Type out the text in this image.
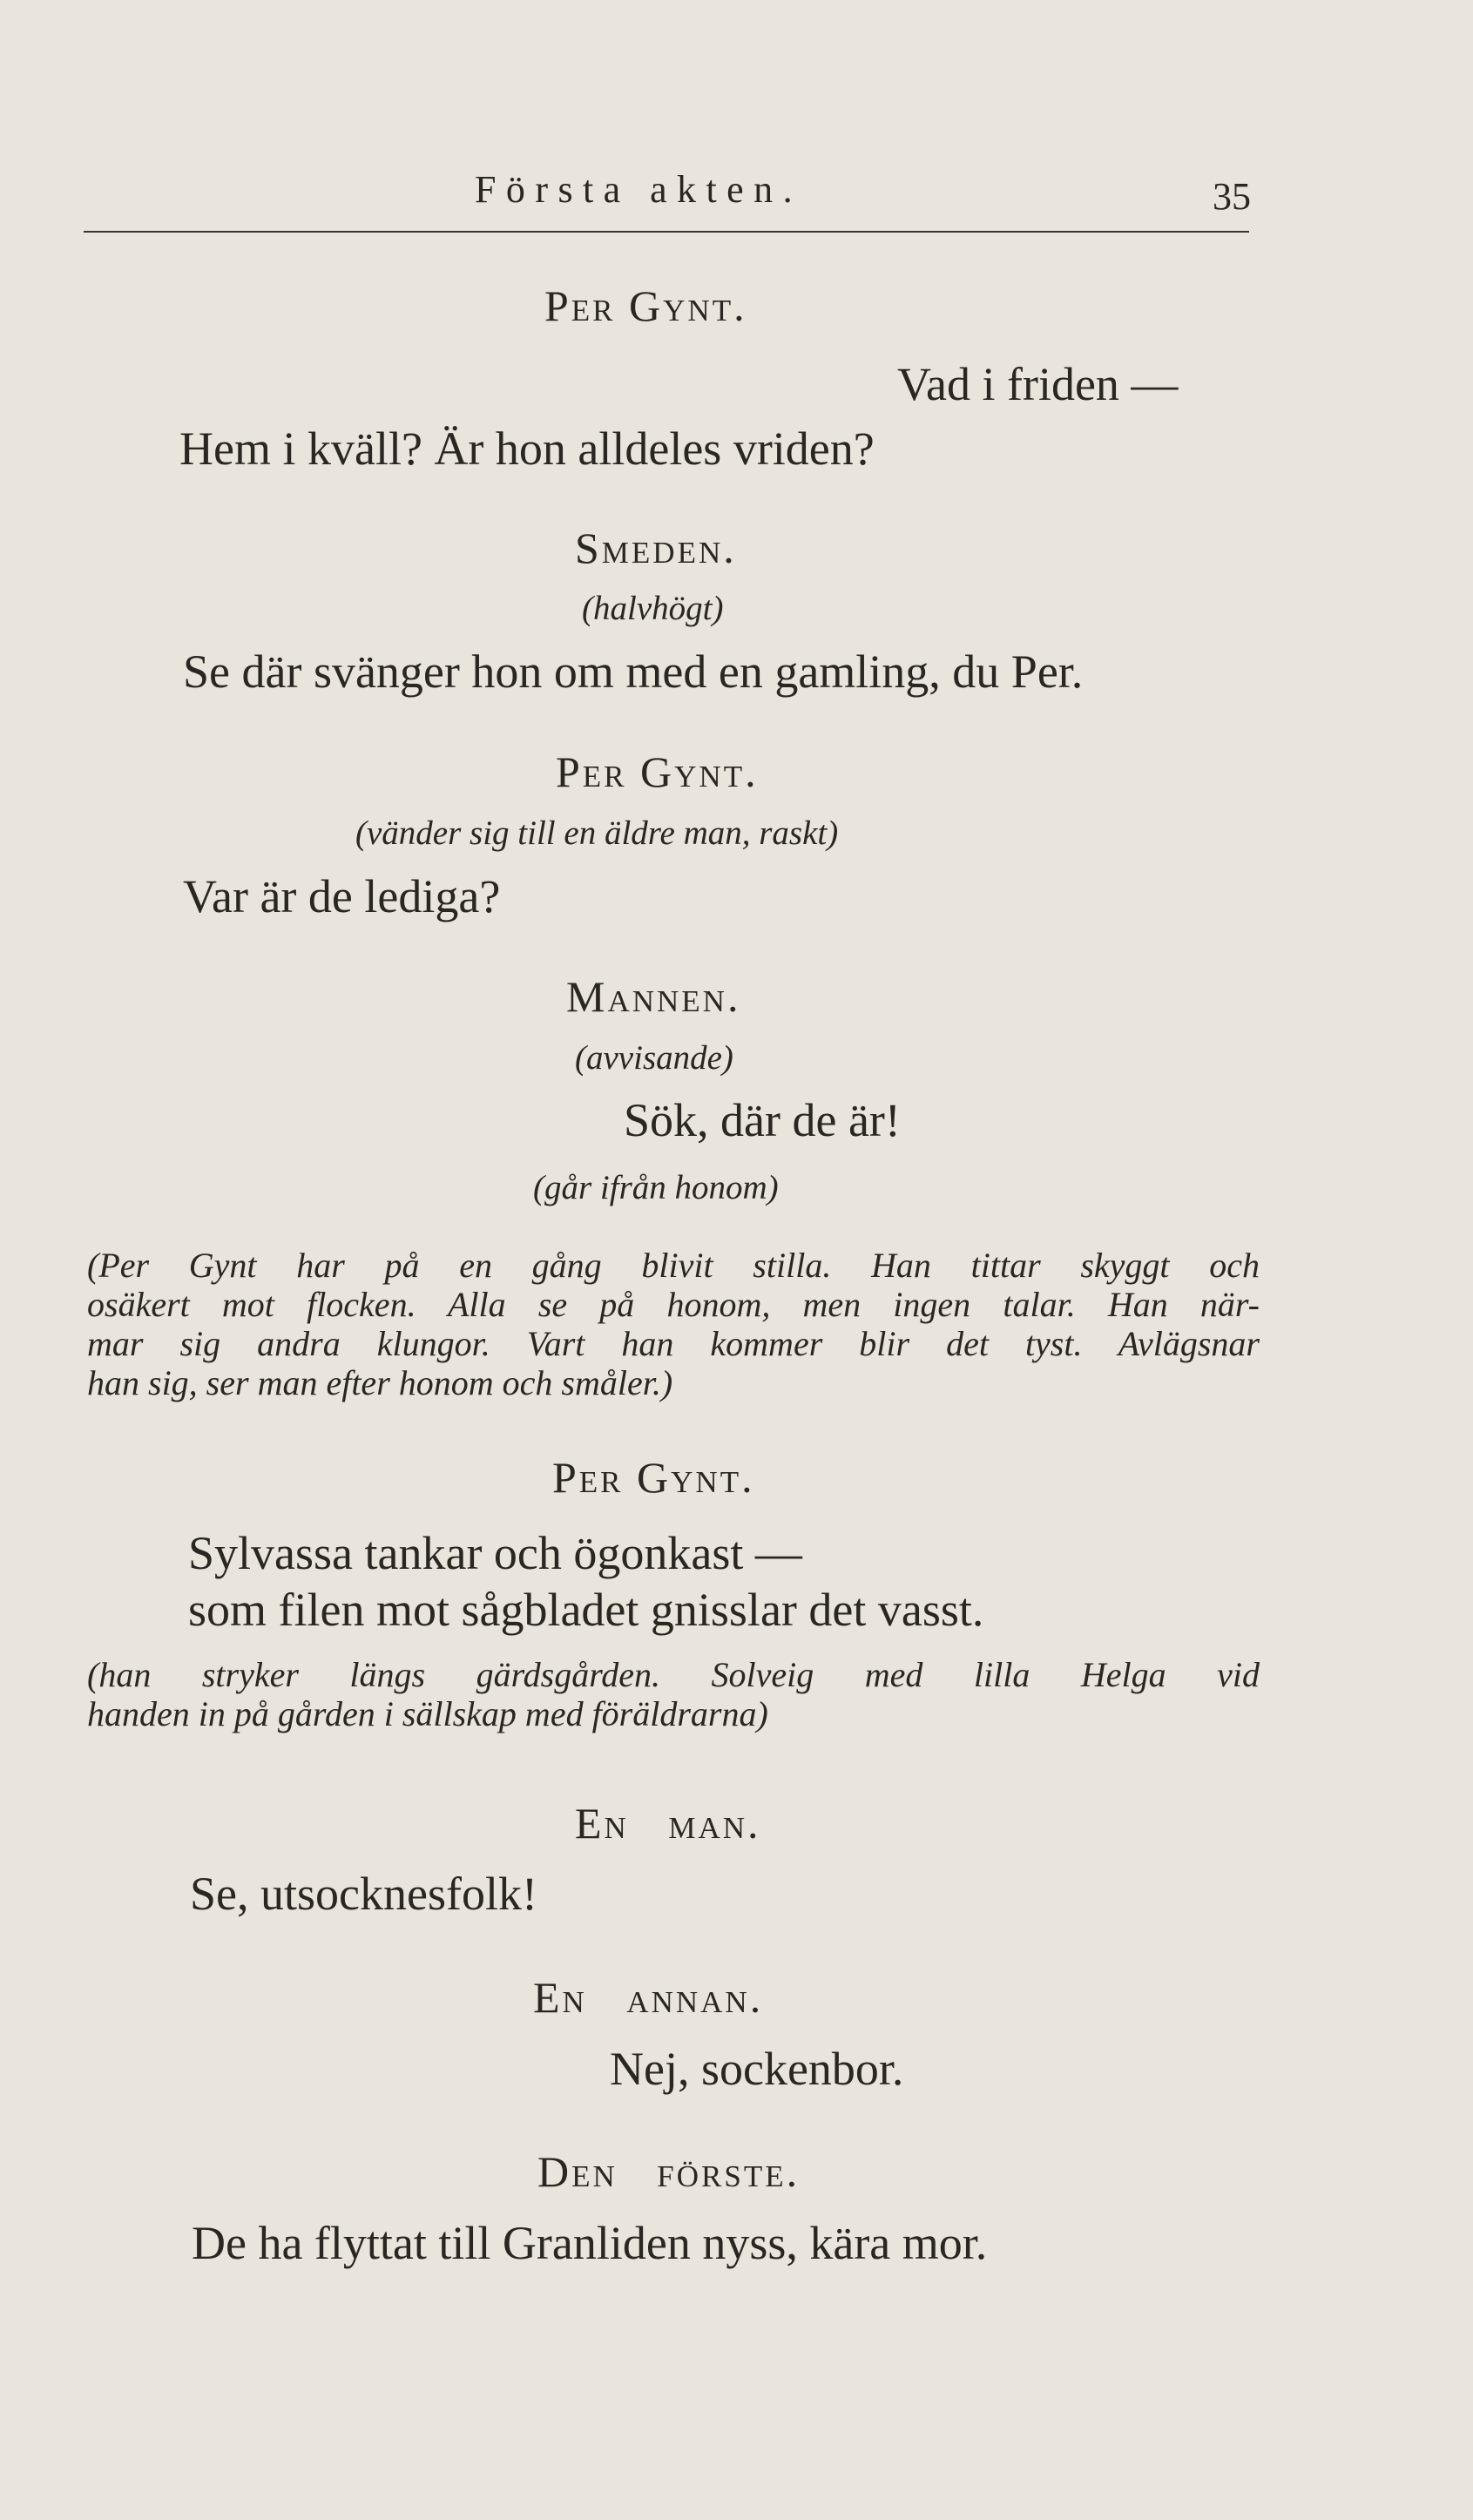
Första akten.	35
Per Gynt.
Vad i friden —
Hem i kväll? Är hon alldeles vriden?
Smeden.
(halvhögt)
Se där svänger hon om med en gamling, du Per.
Per Gynt.
(vänder sig till en äldre man, raskt)
Var är de lediga?
Mannen.
(avvisande)
Sök, där de är!
(går ifrån honom)
(Per Gynt har på en gång blivit stilla. Han tittar skyggt och
osäkert mot flocken. Alla se på honom, men ingen talar. Han när-
mar sig andra klungor. Vart han kommer blir det tyst. Avlägsnar
han sig, ser man efter honom och småler.)
Per Gynt.
Sylvassa tankar och ögonkast —
som filen mot sågbladet gnisslar det vasst.
(han stryker längs gärdsgården. Solveig med lilla Helga vid
handen in på gården i sällskap med föräldrarna)
En man.
Se, utsocknesfolk!
En annan.
Nej, sockenbor.
Den förste.
De ha flyttat till Granliden nyss, kära mor.
